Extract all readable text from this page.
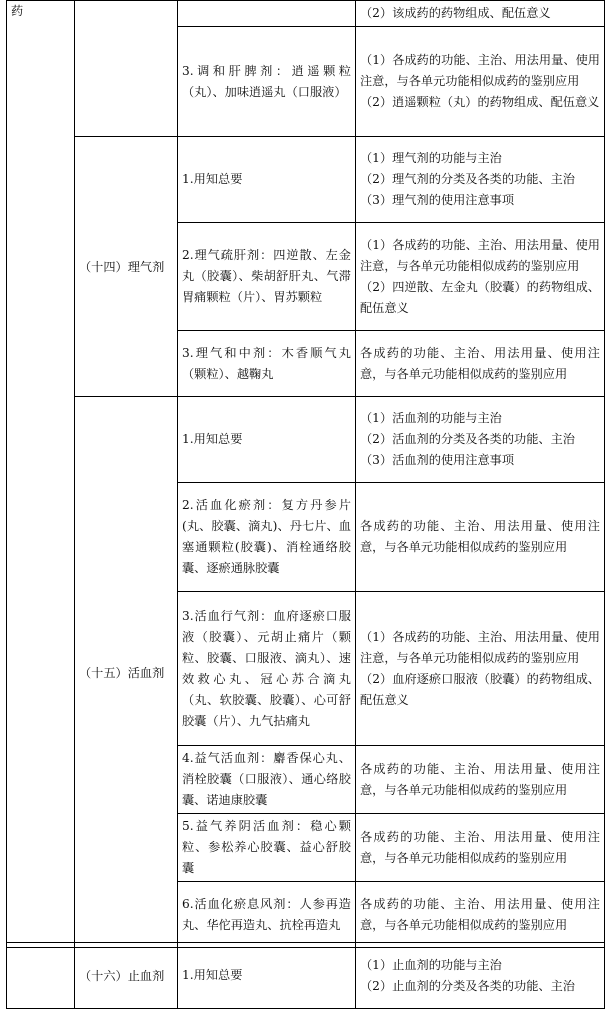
药			（2）该成药的药物组成、配伍意义

		3.调和肝脾剂：逍遥颗粒（丸）、加味逍遥丸（口服液）	（1）各成药的功能、主治、用法用量、使用注意，与各单元功能相似成药的鉴别应用
（2）逍遥颗粒（丸）的药物组成、配伍意义

	（十四）理气剂	1.用知总要	（1）理气剂的功能与主治
（2）理气剂的分类及各类的功能、主治
（3）理气剂的使用注意事项

		2.理气疏肝剂：四逆散、左金丸（胶囊）、柴胡舒肝丸、气滞胃痛颗粒（片）、胃苏颗粒	（1）各成药的功能、主治、用法用量、使用注意，与各单元功能相似成药的鉴别应用
（2）四逆散、左金丸（胶囊）的药物组成、配伍意义

		3.理气和中剂：木香顺气丸（颗粒）、越鞠丸	各成药的功能、主治、用法用量、使用注意，与各单元功能相似成药的鉴别应用

	（十五）活血剂	1.用知总要	（1）活血剂的功能与主治
（2）活血剂的分类及各类的功能、主治
（3）活血剂的使用注意事项

		2.活血化瘀剂：复方丹参片(丸、胶囊、滴丸)、丹七片、血塞通颗粒(胶囊)、消栓通络胶囊、逐瘀通脉胶囊	各成药的功能、主治、用法用量、使用注意，与各单元功能相似成药的鉴别应用

		3.活血行气剂：血府逐瘀口服液（胶囊）、元胡止痛片（颗粒、胶囊、口服液、滴丸）、速效救心丸、冠心苏合滴丸（丸、软胶囊、胶囊）、心可舒胶囊（片）、九气拈痛丸	（1）各成药的功能、主治、用法用量、使用注意，与各单元功能相似成药的鉴别应用
（2）血府逐瘀口服液（胶囊）的药物组成、配伍意义

		4.益气活血剂：麝香保心丸、消栓胶囊（口服液）、通心络胶囊、诺迪康胶囊	各成药的功能、主治、用法用量、使用注意，与各单元功能相似成药的鉴别应用

		5.益气养阴活血剂：稳心颗粒、参松养心胶囊、益心舒胶囊	各成药的功能、主治、用法用量、使用注意，与各单元功能相似成药的鉴别应用

		6.活血化瘀息风剂：人参再造丸、华佗再造丸、抗栓再造丸	各成药的功能、主治、用法用量、使用注意，与各单元功能相似成药的鉴别应用
	（十六）止血剂	1.用知总要	
（1）止血剂的功能与主治
（2）止血剂的分类及各类的功能、主治
